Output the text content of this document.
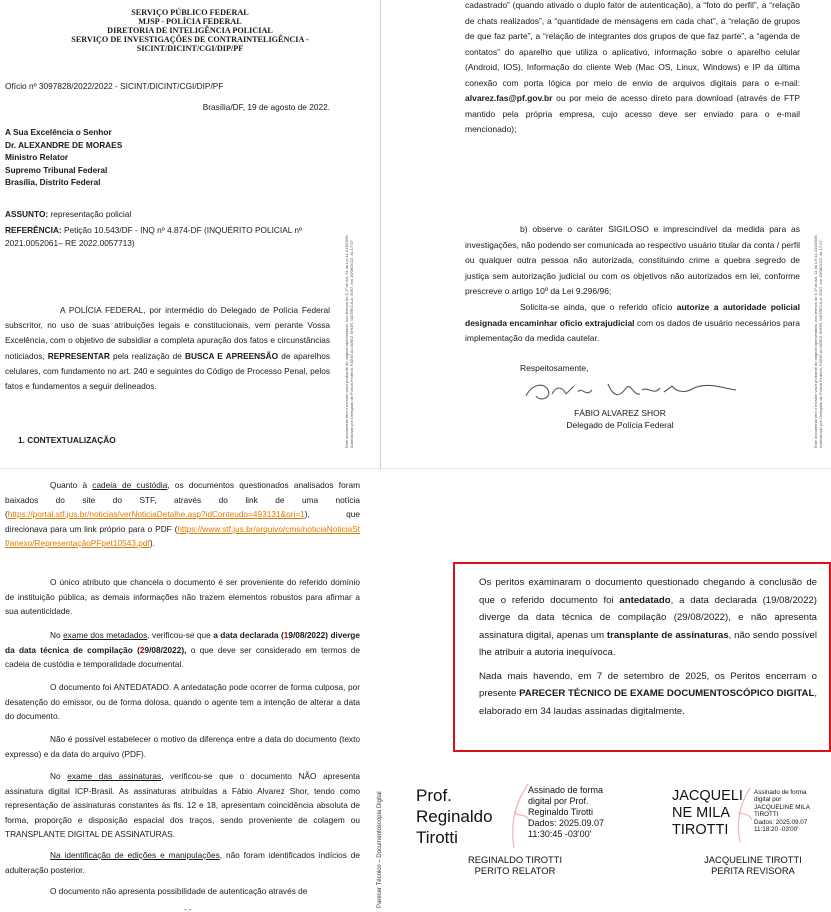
SERVIÇO PÚBLICO FEDERAL
MJSP - POLÍCIA FEDERAL
DIRETORIA DE INTELIGÊNCIA POLICIAL
SERVIÇO DE INVESTIGAÇÕES DE CONTRAINTELIGÊNCIA -
SICINT/DICINT/CGI/DIP/PF
Ofício nº 3097828/2022/2022 - SICINT/DICINT/CGI/DIP/PF
Brasília/DF, 19 de agosto de 2022.
A Sua Excelência o Senhor
Dr. ALEXANDRE DE MORAES
Ministro Relator
Supremo Tribunal Federal
Brasília, Distrito Federal
ASSUNTO: representação policial
REFERÊNCIA: Petição 10.543/DF - INQ nº 4.874-DF (INQUÉRITO POLICIAL nº 2021.0052061– RE 2022.0057713)

A POLÍCIA FEDERAL, por intermédio do Delegado de Polícia Federal subscritor, no uso de suas atribuições legais e constitucionais, vem perante Vossa Excelência, com o objetivo de subsidiar a completa apuração dos fatos e circunstâncias noticiados, REPRESENTAR pela realização de BUSCA E APREENSÃO de aparelhos celulares, com fundamento no art. 240 e seguintes do Código de Processo Penal, pelos fatos e fundamentos a seguir delineados.

1. CONTEXTUALIZAÇÃO	Este documento tem o mesmo valor probante do original apresentado, nos termos do § 1º do Art. 11 da Lei 11.419/2006. Autenticado por Delegado de Polícia Federal, FÁBIO ALVAREZ SHOR, MATRÍCULA: 9097, em 19/08/2022, às 17:07.

cadastrado” (quando ativado o duplo fator de autenticação), a “foto do perfil”, a “relação de chats realizados”, a “quantidade de mensagens em cada chat”, a “relação de grupos de que faz parte”, a “relação de integrantes dos grupos de que faz parte”, a “agenda de contatos” do aparelho que utiliza o aplicativo, informação sobre o aparelho celular (Android, IOS), Informação do cliente Web (Mac OS, Linux, Windows) e IP da última conexão com porta lógica por meio de envio de arquivos digitais para o e-mail: alvarez.fas@pf.gov.br ou por meio de acesso direto para download (através de FTP mantido pela própria empresa, cujo acesso deve ser enviado para o e-mail mencionado);

b) observe o caráter SIGILOSO e imprescindível da medida para as investigações, não podendo ser comunicada ao respectivo usuário titular da conta / perfil ou qualquer outra pessoa não autorizada, constituindo crime a quebra segredo de justiça sem autorização judicial ou com os objetivos não autorizados em lei, conforme prescreve o artigo 10º da Lei 9.296/96;

Solicita-se ainda, que o referido ofício autorize a autoridade policial designada encaminhar ofício extrajudicial com os dados de usuário necessários para implementação da medida cautelar.

Respeitosamente,
FÁBIO ALVAREZ SHOR
Delegado de Polícia Federal	Este documento tem o mesmo valor probante do original apresentado, nos termos do § 1º do Art. 11 da Lei 11.419/2006. Autenticado por Delegado de Polícia Federal, FÁBIO ALVAREZ SHOR, MATRÍCULA: 9097, em 19/08/2022, às 17:07.

Quanto à cadeia de custódia, os documentos questionados analisados foram baixados do site do STF, através do link de uma notícia (https://portal.stf.jus.br/noticias/verNoticiaDetalhe.asp?idConteudo=493131&ori=1), que direcionava para um link próprio para o PDF (https://www.stf.jus.br/arquivo/cms/noticiaNoticiaStf/anexo/RepresentaçãoPFpet10543.pdf).

O único atributo que chancela o documento é ser proveniente do referido domínio de instituição pública, as demais informações não trazem elementos robustos para afirmar a sua autenticidade.

No exame dos metadados, verificou-se que a data declarada (19/08/2022) diverge da data técnica de compilação (29/08/2022), o que deve ser considerado em termos de cadeia de custódia e temporalidade documental.

O documento foi ANTEDATADO. A antedatação pode ocorrer de forma culposa, por desatenção do emissor, ou de forma dolosa, quando o agente tem a intenção de alterar a data do documento.

Não é possível estabelecer o motivo da diferença entre a data do documento (texto expresso) e da data do arquivo (PDF).

No exame das assinaturas, verificou-se que o documento NÃO apresenta assinatura digital ICP-Brasil. As assinaturas atribuídas a Fábio Alvarez Shor, tendo como representação de assinaturas constantes às fls. 12 e 18, apresentam coincidência absoluta de forma, proporção e disposição espacial dos traços, sendo proveniente de colagem ou TRANSPLANTE DIGITAL DE ASSINATURAS.

Na identificação de edições e manipulações, não foram identificados indícios de adulteração posterior.

O documento não apresenta possibilidade de autenticação através de	Parecer Técnico – Documentoscopia Digital
- -

Os peritos examinaram o documento questionado chegando à conclusão de que o referido documento foi antedatado, a data declarada (19/08/2022) diverge da data técnica de compilação (29/08/2022), e não apresenta assinatura digital, apenas um transplante de assinaturas, não sendo possível lhe atribuir a autoria inequívoca.

Nada mais havendo, em 7 de setembro de 2025, os Peritos encerram o presente PARECER TÉCNICO DE EXAME DOCUMENTOSCÓPICO DIGITAL, elaborado em 34 laudas assinadas digitalmente.

Prof.
Reginaldo
Tirotti
Assinado de forma
digital por Prof.
Reginaldo Tirotti
Dados: 2025.09.07
11:30:45 -03'00'
REGINALDO TIROTTI
PERITO RELATOR
JACQUELI
NE MILA
TIROTTI
Assinado de forma
digital por
JACQUELINE MILA
TIROTTI
Dados: 2025.09.07
11:18:20 -03'00'
JACQUELINE TIROTTI
PERITA REVISORA
